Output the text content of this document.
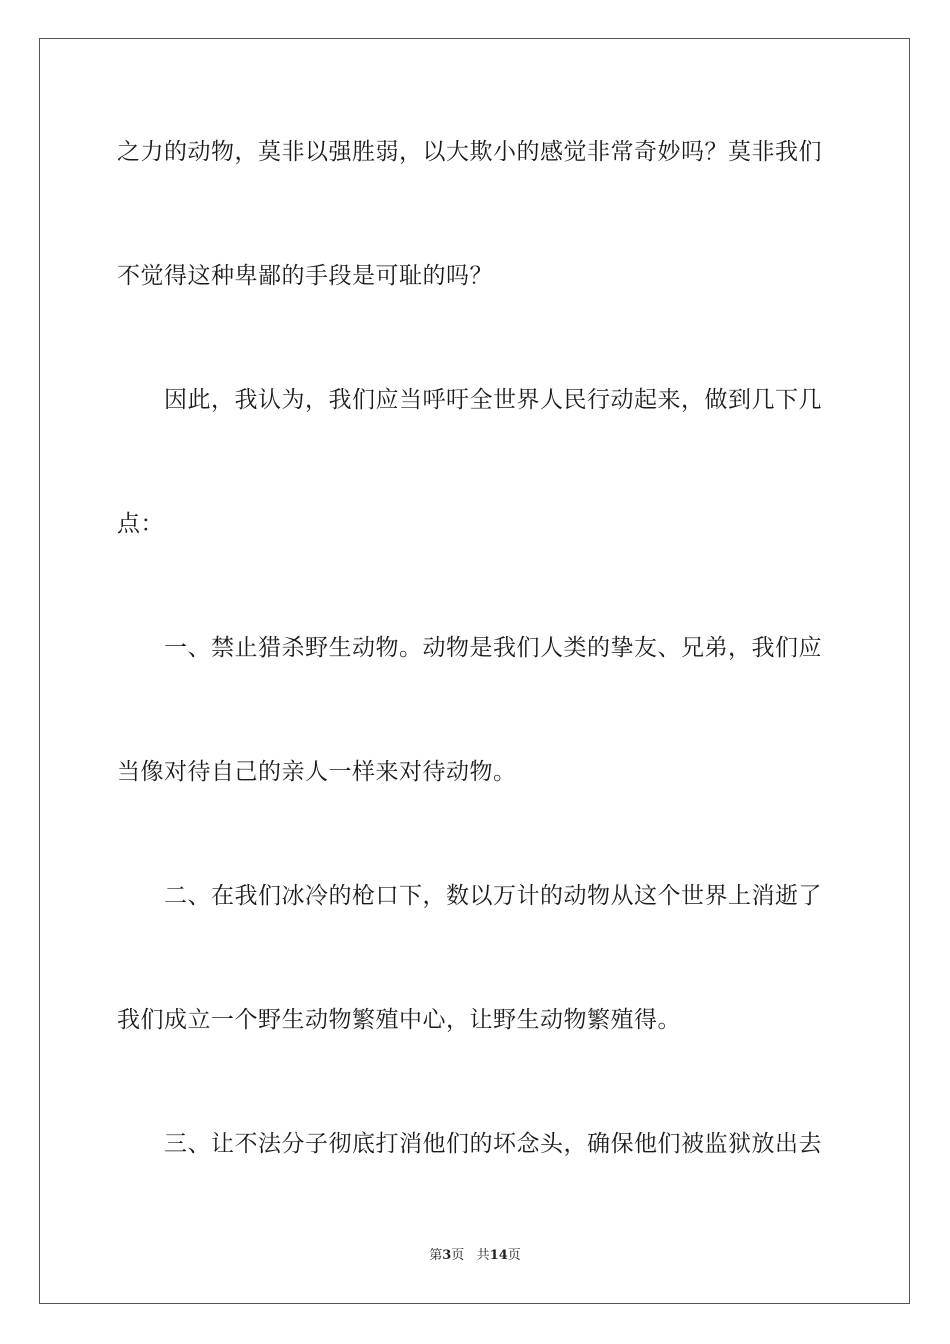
之力的动物，莫非以强胜弱，以大欺小的感觉非常奇妙吗？莫非我们
不觉得这种卑鄙的手段是可耻的吗？
因此，我认为，我们应当呼吁全世界人民行动起来，做到几下几
点：
一、禁止猎杀野生动物。动物是我们人类的挚友、兄弟，我们应
当像对待自己的亲人一样来对待动物。
二、在我们冰冷的枪口下，数以万计的动物从这个世界上消逝了
我们成立一个野生动物繁殖中心，让野生动物繁殖得。
三、让不法分子彻底打消他们的坏念头，确保他们被监狱放出去
第3页 共14页
